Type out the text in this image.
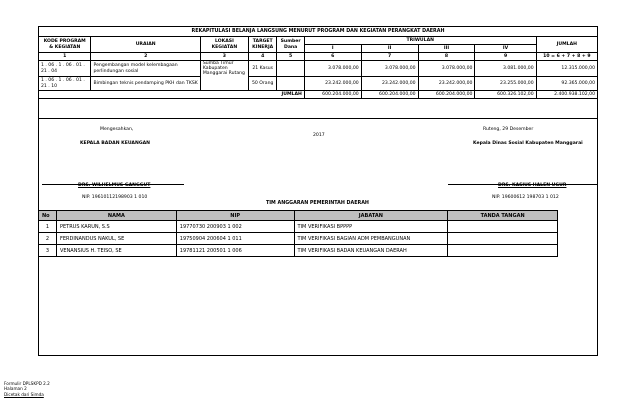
REKAPITULASI BELANJA LANGSUNG MENURUT PROGRAM DAN KEGIATAN PERANGKAT DAERAH									
KODE PROGRAM & KEGIATAN	URAIAN	LOKASI KEGIATAN	TARGET KINERJA	Sumber Dana	TRIWULAN				JUMLAH
					I	II	III	IV	
1	2	3	4	5	6	7	8	9	10 = 6 + 7 + 8 + 9
1 . 06 . 1 . 06 . 01 . 21 . 04	Pengembangan model kelembagaan perlindungan sosial	Sumba Timur Kabupaten Manggarai Rutang	21 Kasus		3.078.000,00	3.078.000,00	3.078.000,00	3.081.000,00	12.315.000,00
1 . 06 . 1 . 06 . 01 . 21 . 10	Bimbingan teknis pendamping PKH dan TKSK		50 Orang		23.242.000,00	23.242.000,00	23.242.000,00	23.255.000,00	92.365.000,00
JUMLAH					600.204.000,00	600.204.000,00	600.204.000,00	600.326.102,00	2.400.938.102,00
Mengesahkan,
KEPALA BADAN KEUANGAN
2017
Ruteng, 29 Desember
Kepala Dinas Sosial Kabupaten Manggarai
DRS. WILHELMUS GANGGUT
NIP. 19610112198903 1 010
DRS. KASIUS HALEN UGUR
NIP. 19600612 198703 1 012
TIM ANGGARAN PEMERINTAH DAERAH
No	NAMA	NIP	JABATAN	TANDA TANGAN
1	PETRUS KARUN, S.S	19770730 200903 1 002	TIM VERIFIKASI BPPPP	
2	FERDINANDUS NAKUL, SE	19750904 200604 1 011	TIM VERIFIKASI BAGIAN ADM PEMBANGUNAN	
3	VENANSIUS H. TEISO, SE	19781121 200501 1 006	TIM VERIFIKASI BADAN KEUANGAN DAERAH	
Formulir DPLSKPD 2.2
Halaman 2
Dicetak dari Simda
